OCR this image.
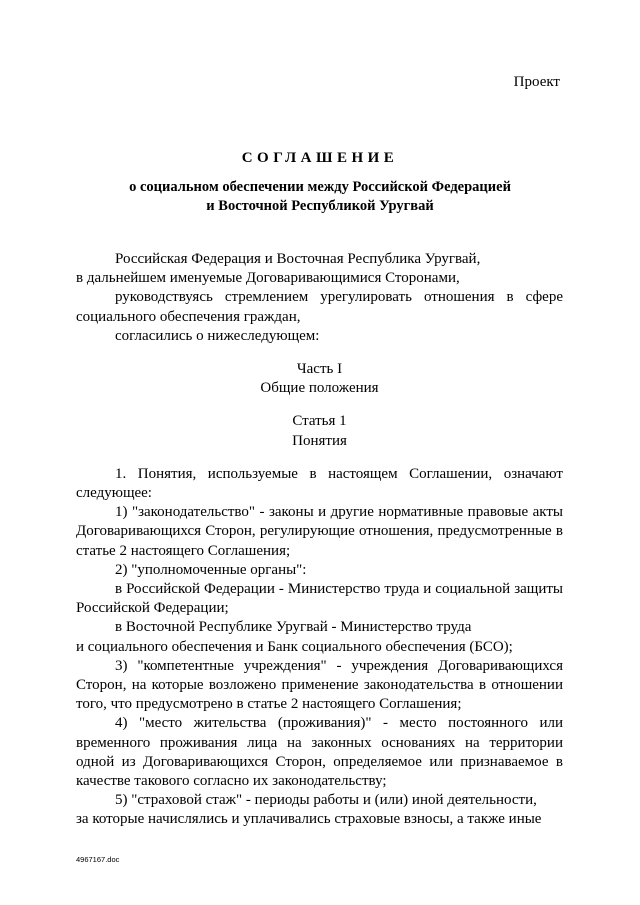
Проект
СОГЛАШЕНИЕ
о социальном обеспечении между Российской Федерацией
и Восточной Республикой Уругвай

Российская Федерация и Восточная Республика Уругвай,

в дальнейшем именуемые Договаривающимися Сторонами,

руководствуясь стремлением урегулировать отношения в сфере социального обеспечения граждан,

согласились о нижеследующем:

Часть I

Общие положения

Статья 1

Понятия

1. Понятия, используемые в настоящем Соглашении, означают следующее:

1) "законодательство" - законы и другие нормативные правовые акты Договаривающихся Сторон, регулирующие отношения, предусмотренные в статье 2 настоящего Соглашения;

2) "уполномоченные органы":

в Российской Федерации - Министерство труда и социальной защиты Российской Федерации;

в Восточной Республике Уругвай - Министерство труда

и социального обеспечения и Банк социального обеспечения (БСО);

3) "компетентные учреждения" - учреждения Договаривающихся Сторон, на которые возложено применение законодательства в отношении того, что предусмотрено в статье 2 настоящего Соглашения;

4) "место жительства (проживания)" - место постоянного или временного проживания лица на законных основаниях на территории одной из Договаривающихся Сторон, определяемое или признаваемое в качестве такового согласно их законодательству;

5) "страховой стаж" - периоды работы и (или) иной деятельности,

за которые начислялись и уплачивались страховые взносы, а также иные

4967167.doc
